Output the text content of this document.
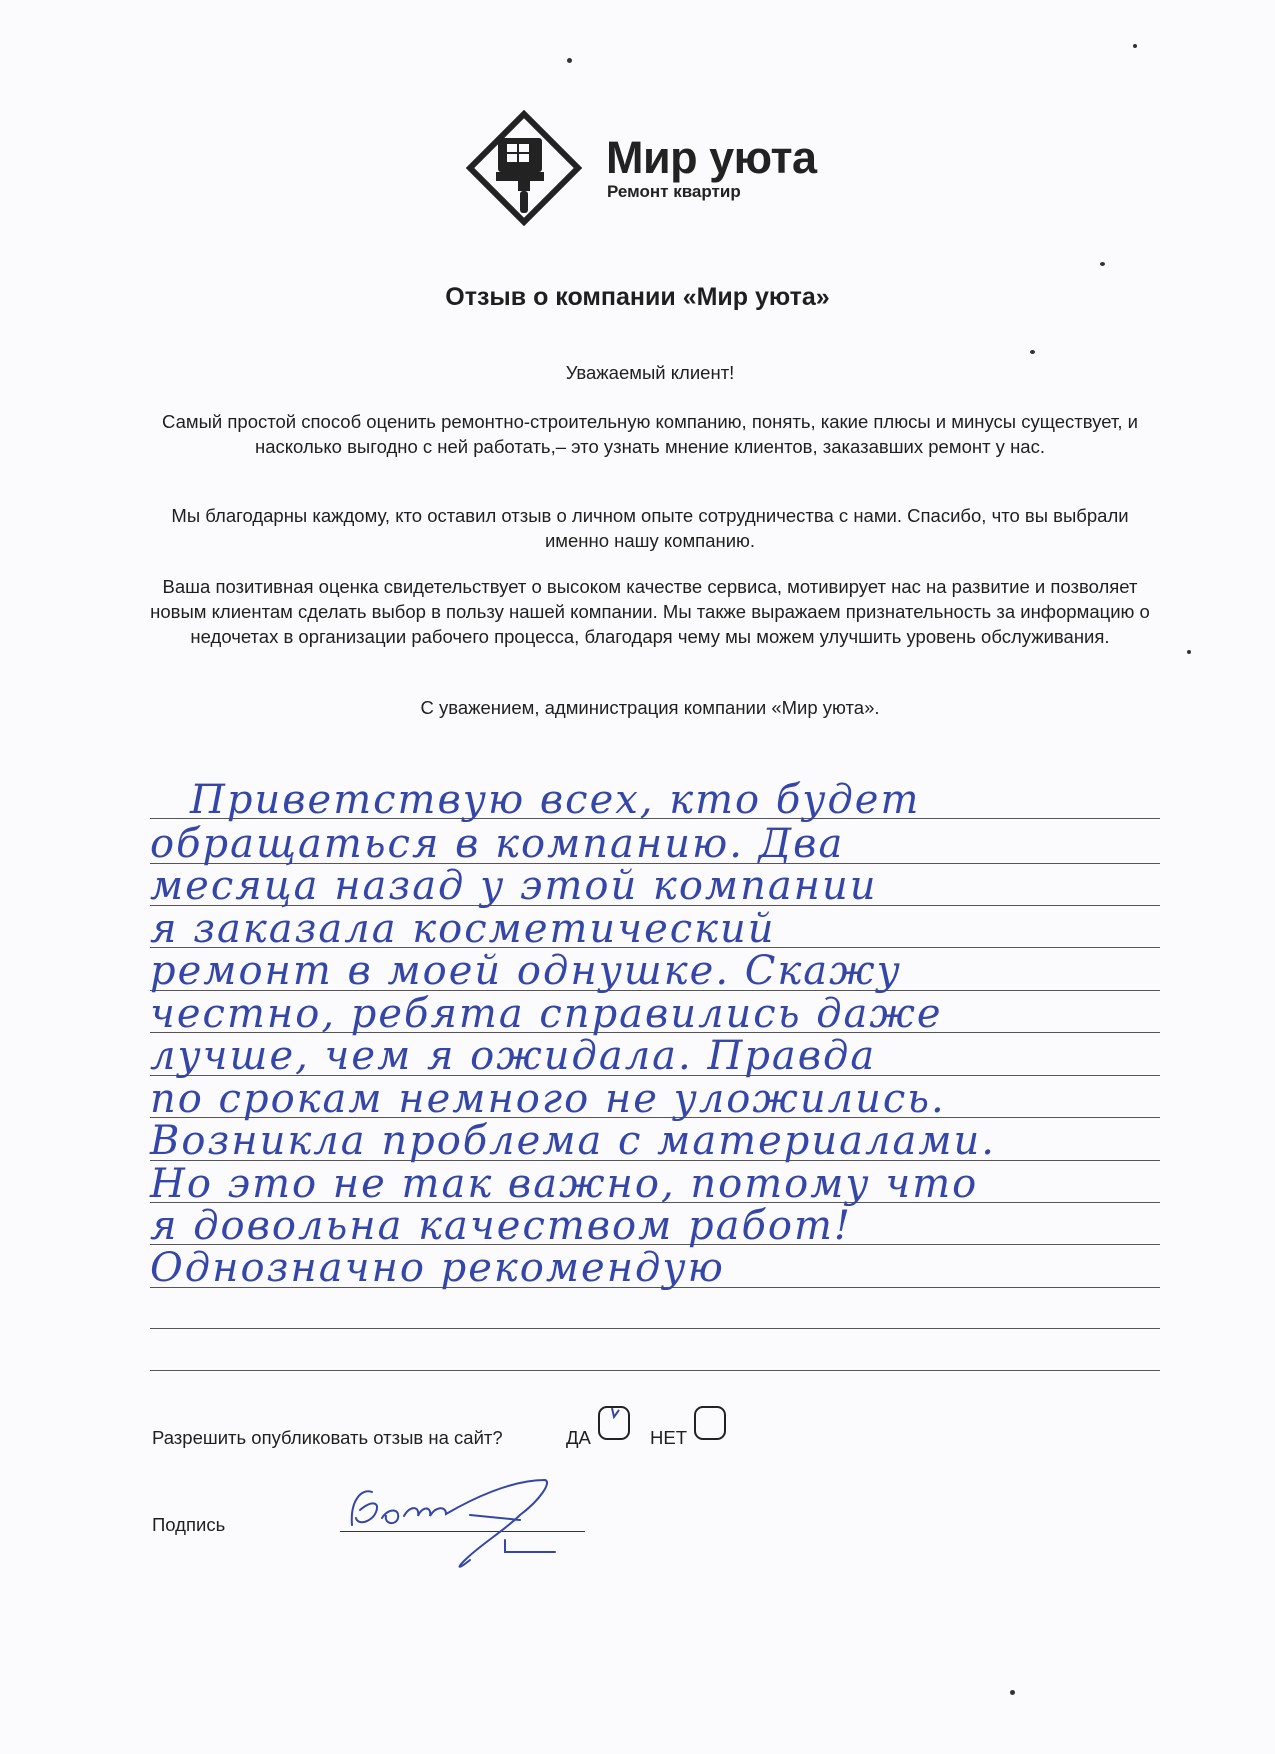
Мир уюта
Ремонт квартир
Отзыв о компании «Мир уюта»
Уважаемый клиент!
Самый простой способ оценить ремонтно-строительную компанию, понять, какие плюсы и минусы существует, и насколько выгодно с ней работать,– это узнать мнение клиентов, заказавших ремонт у нас.
Мы благодарны каждому, кто оставил отзыв о личном опыте сотрудничества с нами. Спасибо, что вы выбрали именно нашу компанию.
Ваша позитивная оценка свидетельствует о высоком качестве сервиса, мотивирует нас на развитие и позволяет новым клиентам сделать выбор в пользу нашей компании. Мы также выражаем признательность за информацию о недочетах в организации рабочего процесса, благодаря чему мы можем улучшить уровень обслуживания.
С уважением, администрация компании «Мир уюта».
Приветствую всех, кто будет
обращаться в компанию. Два
месяца назад у этой компании
я заказала косметический
ремонт в моей однушке. Скажу
честно, ребята справились даже
лучше, чем я ожидала. Правда
по срокам немного не уложились.
Возникла проблема с материалами.
Но это не так важно, потому что
я довольна качеством работ!
Однозначно рекомендую
Разрешить опубликовать отзыв на сайт?	ДА	НЕТ
Подпись
